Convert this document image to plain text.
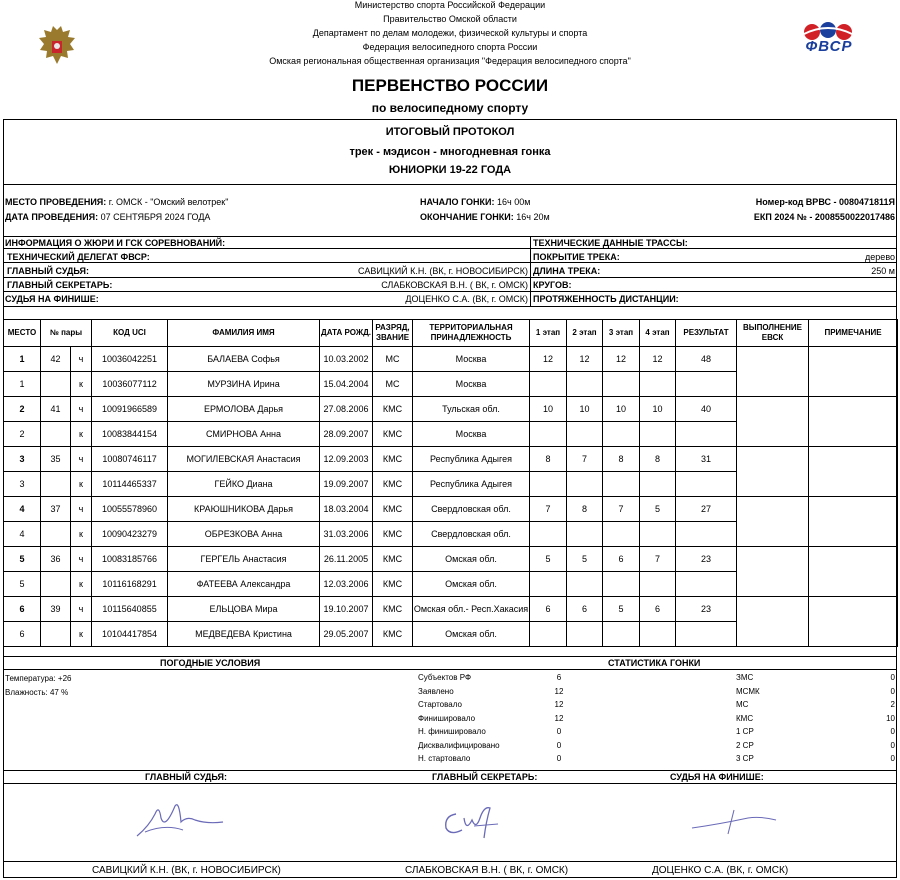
Министерство спорта Российской Федерации
Правительство Омской области
Департамент по делам молодежи, физической культуры и спорта
Федерация велосипедного спорта России
Омская региональная общественная организация "Федерация велосипедного спорта"
ФВСР
ПЕРВЕНСТВО РОССИИ
по велосипедному спорту
ИТОГОВЫЙ ПРОТОКОЛ
трек - мэдисон - многодневная гонка
ЮНИОРКИ 19-22 ГОДА
МЕСТО ПРОВЕДЕНИЯ: г. ОМСК - "Омский велотрек"
ДАТА ПРОВЕДЕНИЯ: 07 СЕНТЯБРЯ 2024 ГОДА
НАЧАЛО ГОНКИ: 16ч 00м
ОКОНЧАНИЕ ГОНКИ: 16ч 20м
Номер-код ВРВС - 0080471811Я
ЕКП 2024 № - 2008550022017486
ИНФОРМАЦИЯ О ЖЮРИ И ГСК СОРЕВНОВАНИЙ:
ТЕХНИЧЕСКИЙ ДЕЛЕГАТ ФВСР:
ГЛАВНЫЙ СУДЬЯ:	САВИЦКИЙ К.Н. (ВК, г. НОВОСИБИРСК)
ГЛАВНЫЙ СЕКРЕТАРЬ:	СЛАБКОВСКАЯ В.Н. ( ВК, г. ОМСК)
СУДЬЯ НА ФИНИШЕ:	ДОЦЕНКО С.А. (ВК, г. ОМСК)
ТЕХНИЧЕСКИЕ ДАННЫЕ ТРАССЫ:
ПОКРЫТИЕ ТРЕКА:	дерево
ДЛИНА ТРЕКА:	250 м
КРУГОВ:
ПРОТЯЖЕННОСТЬ ДИСТАНЦИИ:
МЕСТО	№ пары		КОД UCI	ФАМИЛИЯ ИМЯ	ДАТА РОЖД.	РАЗРЯД, ЗВАНИЕ	ТЕРРИТОРИАЛЬНАЯ ПРИНАДЛЕЖНОСТЬ	1 этап	2 этап	3 этап	4 этап	РЕЗУЛЬТАТ	ВЫПОЛНЕНИЕ ЕВСК	ПРИМЕЧАНИЕ
1	42	ч	10036042251	БАЛАЕВА Софья	10.03.2002	МС	Москва	12	12	12	12	48		
1		к	10036077112	МУРЗИНА Ирина	15.04.2004	МС	Москва							
2	41	ч	10091966589	ЕРМОЛОВА Дарья	27.08.2006	КМС	Тульская обл.	10	10	10	10	40		
2		к	10083844154	СМИРНОВА Анна	28.09.2007	КМС	Москва							
3	35	ч	10080746117	МОГИЛЕВСКАЯ Анастасия	12.09.2003	КМС	Республика Адыгея	8	7	8	8	31		
3		к	10114465337	ГЕЙКО Диана	19.09.2007	КМС	Республика Адыгея							
4	37	ч	10055578960	КРАЮШНИКОВА Дарья	18.03.2004	КМС	Свердловская обл.	7	8	7	5	27		
4		к	10090423279	ОБРЕЗКОВА Анна	31.03.2006	КМС	Свердловская обл.							
5	36	ч	10083185766	ГЕРГЕЛЬ Анастасия	26.11.2005	КМС	Омская обл.	5	5	6	7	23		
5		к	10116168291	ФАТЕЕВА Александра	12.03.2006	КМС	Омская обл.							
6	39	ч	10115640855	ЕЛЬЦОВА Мира	19.10.2007	КМС	Омская обл.- Респ.Хакасия	6	6	5	6	23		
6		к	10104417854	МЕДВЕДЕВА Кристина	29.05.2007	КМС	Омская обл.							
ПОГОДНЫЕ УСЛОВИЯ	СТАТИСТИКА ГОНКИ
Температура: +26
Влажность: 47 %
Субъектов РФ	6
Заявлено	12
Стартовало	12
Финишировало	12
Н. финишировало	0
Дисквалифицировано	0
Н. стартовало	0
ЗМС	0
МСМК	0
МС	2
КМС	10
1 СР	0
2 СР	0
3 СР	0
ГЛАВНЫЙ СУДЬЯ:	ГЛАВНЫЙ СЕКРЕТАРЬ:	СУДЬЯ НА ФИНИШЕ:
САВИЦКИЙ К.Н. (ВК, г. НОВОСИБИРСК)	СЛАБКОВСКАЯ В.Н. ( ВК, г. ОМСК)	ДОЦЕНКО С.А. (ВК, г. ОМСК)
